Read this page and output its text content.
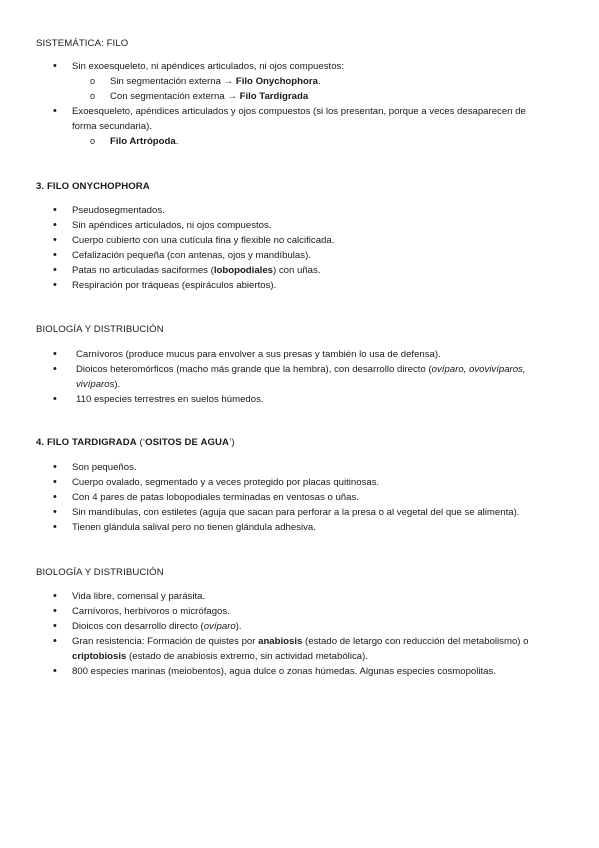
SISTEMÁTICA: FILO
• Sin exoesqueleto, ni apéndices articulados, ni ojos compuestos:
o Sin segmentación externa → Filo Onychophora.
o Con segmentación externa → Filo Tardigrada
• Exoesqueleto, apéndices articulados y ojos compuestos (si los presentan, porque a veces desaparecen de forma secundaria).
o Filo Artrópoda.
3. FILO ONYCHOPHORA
• Pseudosegmentados.
• Sin apéndices articulados, ni ojos compuestos.
• Cuerpo cubierto con una cutícula fina y flexible no calcificada.
• Cefalización pequeña (con antenas, ojos y mandíbulas).
• Patas no articuladas saciformes (lobopodiales) con uñas.
• Respiración por tráqueas (espiráculos abiertos).
BIOLOGÍA Y DISTRIBUCIÓN
• Carnívoros (produce mucus para envolver a sus presas y también lo usa de defensa).
• Dioicos heteromórficos (macho más grande que la hembra), con desarrollo directo (ovíparo, ovovivíparos, vivíparos).
• 110 especies terrestres en suelos húmedos.
4. FILO TARDIGRADA (‘OSITOS DE AGUA’)
• Son pequeños.
• Cuerpo ovalado, segmentado y a veces protegido por placas quitinosas.
• Con 4 pares de patas lobopodiales terminadas en ventosas o uñas.
• Sin mandíbulas, con estiletes (aguja que sacan para perforar a la presa o al vegetal del que se alimenta).
• Tienen glándula salival pero no tienen glándula adhesiva.
BIOLOGÍA Y DISTRIBUCIÓN
• Vida libre, comensal y parásita.
• Carnívoros, herbívoros o micrófagos.
• Dioicos con desarrollo directo (ovíparo).
• Gran resistencia: Formación de quistes por anabiosis (estado de letargo con reducción del metabolismo) o criptobiosis (estado de anabiosis extremo, sin actividad metabólica).
• 800 especies marinas (meiobentos), agua dulce o zonas húmedas. Algunas especies cosmopolitas.
